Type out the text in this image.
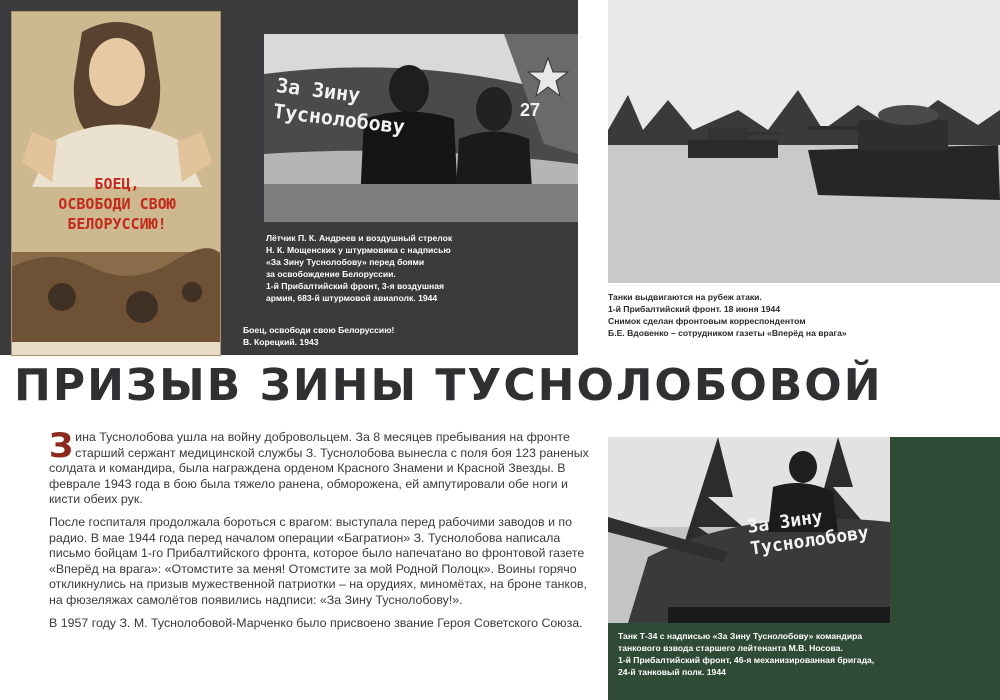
БОЕЦ,
ОСВОБОДИ СВОЮ
БЕЛОРУССИЮ!
За Зину
Туснолобову	27
Лётчик П. К. Андреев и воздушный стрелок
Н. К. Мощенских у штурмовика с надписью
«За Зину Туснолобову» перед боями
за освобождение Белоруссии.
1-й Прибалтийский фронт, 3-я воздушная
армия, 683-й штурмовой авиаполк. 1944
Боец, освободи свою Белоруссию!
В. Корецкий. 1943
Танки выдвигаются на рубеж атаки.
1-й Прибалтийский фронт. 18 июня 1944
Снимок сделан фронтовым корреспондентом
Б.Е. Вдовенко – сотрудником газеты «Вперёд на врага»
ПРИЗЫВ ЗИНЫ ТУСНОЛОБОВОЙ

Зина Туснолобова ушла на войну добровольцем. За 8 месяцев пребывания на фронте старший сержант медицинской службы З. Туснолобова вынесла с поля боя 123 раненых солдата и командира, была награждена орденом Красного Знамени и Красной Звезды. В феврале 1943 года в бою была тяжело ранена, обморожена, ей ампутировали обе ноги и кисти обеих рук.

После госпиталя продолжала бороться с врагом: выступала перед рабочими заводов и по радио. В мае 1944 года перед началом операции «Багратион» З. Туснолобова написала письмо бойцам 1-го Прибалтийского фронта, которое было напечатано во фронтовой газете «Вперёд на врага»: «Отомстите за меня! Отомстите за мой Родной Полоцк». Воины горячо откликнулись на призыв мужественной патриотки – на орудиях, миномётах, на броне танков, на фюзеляжах самолётов появились надписи: «За Зину Туснолобову!».

В 1957 году З. М. Туснолобовой-Марченко было присвоено звание Героя Советского Союза.

За Зину
Туснолобову
Танк Т-34 с надписью «За Зину Туснолобову» командира
танкового взвода старшего лейтенанта М.В. Носова.
1-й Прибалтийский фронт, 46-я механизированная бригада,
24-й танковый полк. 1944
